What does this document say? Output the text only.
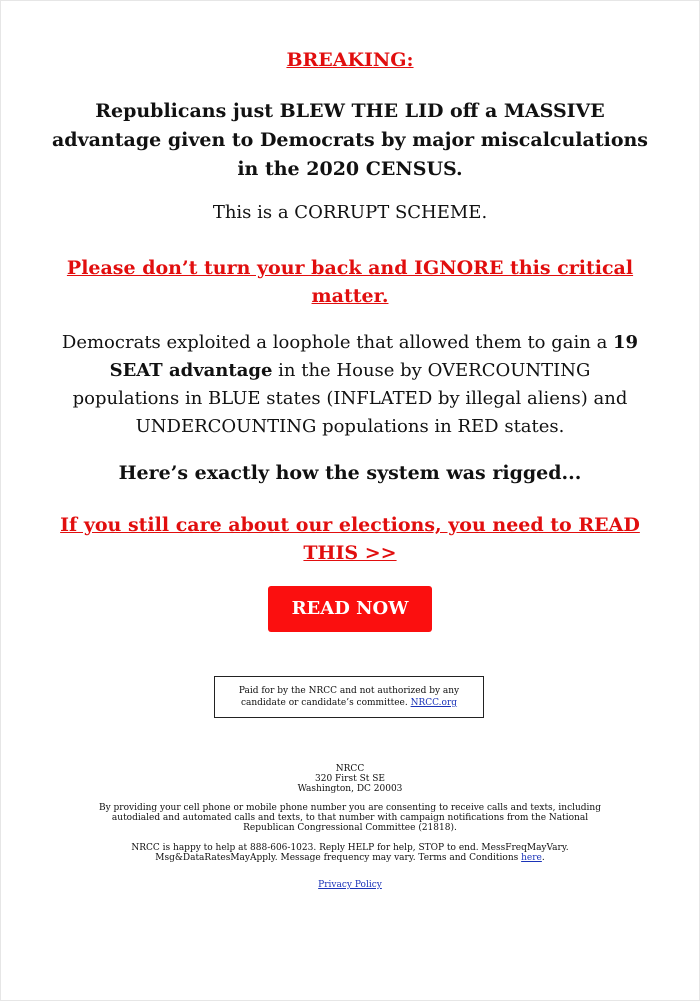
BREAKING:

Republicans just BLEW THE LID off a MASSIVE advantage given to Democrats by major miscalculations in the 2020 CENSUS.

This is a CORRUPT SCHEME.

Please don’t turn your back and IGNORE this critical matter.

Democrats exploited a loophole that allowed them to gain a 19 SEAT advantage in the House by OVERCOUNTING populations in BLUE states (INFLATED by illegal aliens) and UNDERCOUNTING populations in RED states.

Here’s exactly how the system was rigged...

If you still care about our elections, you need to READ THIS >>

READ NOW
Paid for by the NRCC and not authorized by any
candidate or candidate’s committee. NRCC.org
NRCC
320 First St SE
Washington, DC 20003
By providing your cell phone or mobile phone number you are consenting to receive calls and texts, including autodialed and automated calls and texts, to that number with campaign notifications from the National Republican Congressional Committee (21818).
NRCC is happy to help at 888-606-1023. Reply HELP for help, STOP to end. MessFreqMayVary. Msg&DataRatesMayApply. Message frequency may vary. Terms and Conditions here.
Privacy Policy
